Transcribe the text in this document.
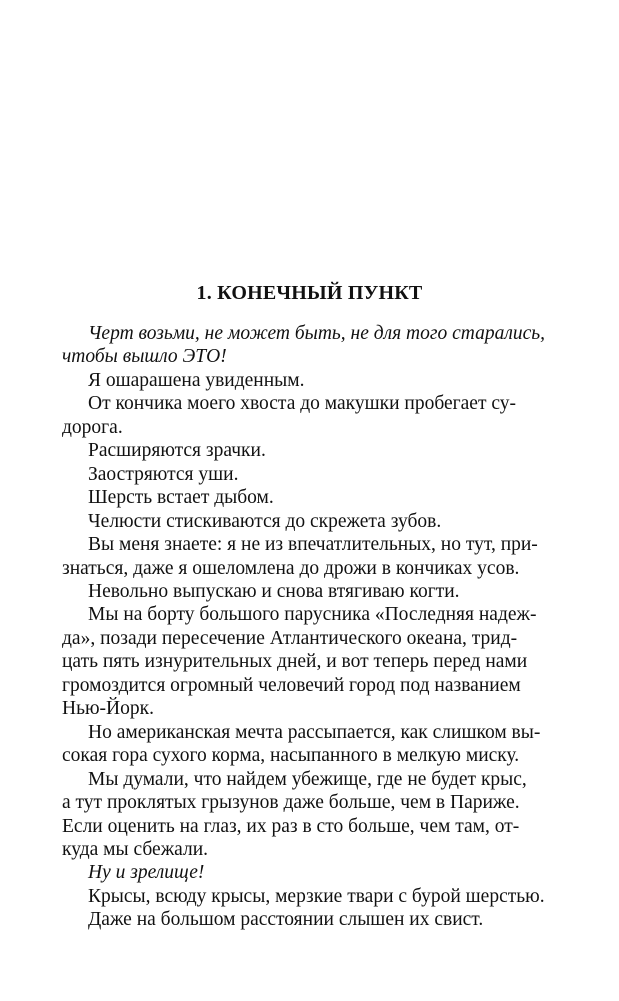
1. КОНЕЧНЫЙ ПУНКТ
Черт возьми, не может быть, не для того старались,
чтобы вышло ЭТО!
Я ошарашена увиденным.
От кончика моего хвоста до макушки пробегает су-
дорога.
Расширяются зрачки.
Заостряются уши.
Шерсть встает дыбом.
Челюсти стискиваются до скрежета зубов.
Вы меня знаете: я не из впечатлительных, но тут, при-
знаться, даже я ошеломлена до дрожи в кончиках усов.
Невольно выпускаю и снова втягиваю когти.
Мы на борту большого парусника «Последняя надеж-
да», позади пересечение Атлантического океана, трид-
цать пять изнурительных дней, и вот теперь перед нами
громоздится огромный человечий город под названием
Нью-Йорк.
Но американская мечта рассыпается, как слишком вы-
сокая гора сухого корма, насыпанного в мелкую миску.
Мы думали, что найдем убежище, где не будет крыс,
а тут проклятых грызунов даже больше, чем в Париже.
Если оценить на глаз, их раз в сто больше, чем там, от-
куда мы сбежали.
Ну и зрелище!
Крысы, всюду крысы, мерзкие твари с бурой шерстью.
Даже на большом расстоянии слышен их свист.
